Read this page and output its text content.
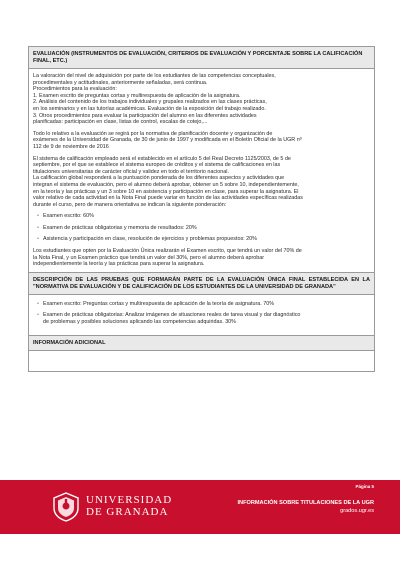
EVALUACIÓN (INSTRUMENTOS DE EVALUACIÓN, CRITERIOS DE EVALUACIÓN Y PORCENTAJE SOBRE LA CALIFICACIÓN FINAL, ETC.)

La valoración del nivel de adquisición por parte de los estudiantes de las competencias conceptuales,
procedimentales y actitudinales, anteriormente señaladas, será continua.
Procedimientos para la evaluación:
1. Examen escrito de preguntas cortas y multirespuesta de aplicación de la asignatura.
2. Análisis del contenido de los trabajos individuales y grupales realizados en las clases prácticas,
en los seminarios y en las tutorías académicas. Evaluación de la exposición del trabajo realizado.
3. Otros procedimientos para evaluar la participación del alumno en las diferentes actividades
planificadas: participación en clase, listas de control, escalas de cotejo,...

Todo lo relativo a la evaluación se regirá por la normativa de planificación docente y organización de
exámenes de la Universidad de Granada, de 30 de junio de 1997 y modificada en el Boletín Oficial de la UGR nº
112 de 9 de noviembre de 2016

El sistema de calificación empleado será el establecido en el artículo 5 del Real Decreto 1125/2003, de 5 de
septiembre, por el que se establece el sistema europeo de créditos y el sistema de calificaciones en las
titulaciones universitarias de carácter oficial y validez en todo el territorio nacional.
La calificación global responderá a la puntuación ponderada de los diferentes aspectos y actividades que
integran el sistema de evaluación, pero el alumno deberá aprobar, obtener un 5 sobre 10, independientemente,
en la teoría y las prácticas y un 3 sobre 10 en asistencia y participación en clase, para superar la asignatura. El
valor relativo de cada actividad en la Nota Final puede variar en función de las actividades específicas realizadas
durante el curso, pero de manera orientativa se indican la siguiente ponderación:

• Examen escrito: 60%
• Examen de prácticas obligatorias y memoria de resultados: 20%
• Asistencia y participación en clase, resolución de ejercicios y problemas propuestos: 20%

Los estudiantes que opten por la Evaluación Única realizarán el Examen escrito, que tendrá un valor del 70% de
la Nota Final, y un Examen práctico que tendrá un valor del 30%, pero el alumno deberá aprobar
independientemente la teoría y las prácticas para superar la asignatura.

DESCRIPCIÓN DE LAS PRUEBAS QUE FORMARÁN PARTE DE LA EVALUACIÓN ÚNICA FINAL ESTABLECIDA EN LA "NORMATIVA DE EVALUACIÓN Y DE CALIFICACIÓN DE LOS ESTUDIANTES DE LA UNIVERSIDAD DE GRANADA"
• Examen escrito: Preguntas cortas y multirespuesta de aplicación de la teoría de asignatura. 70%
• Examen de prácticas obligatorias: Analizar imágenes de situaciones reales de tarea visual y dar diagnóstico
de problemas y posibles soluciones aplicando las competencias adquiridas. 30%
INFORMACIÓN ADICIONAL
UNIVERSIDAD
DE GRANADA
Página 5
INFORMACIÓN SOBRE TITULACIONES DE LA UGR
grados.ugr.es
